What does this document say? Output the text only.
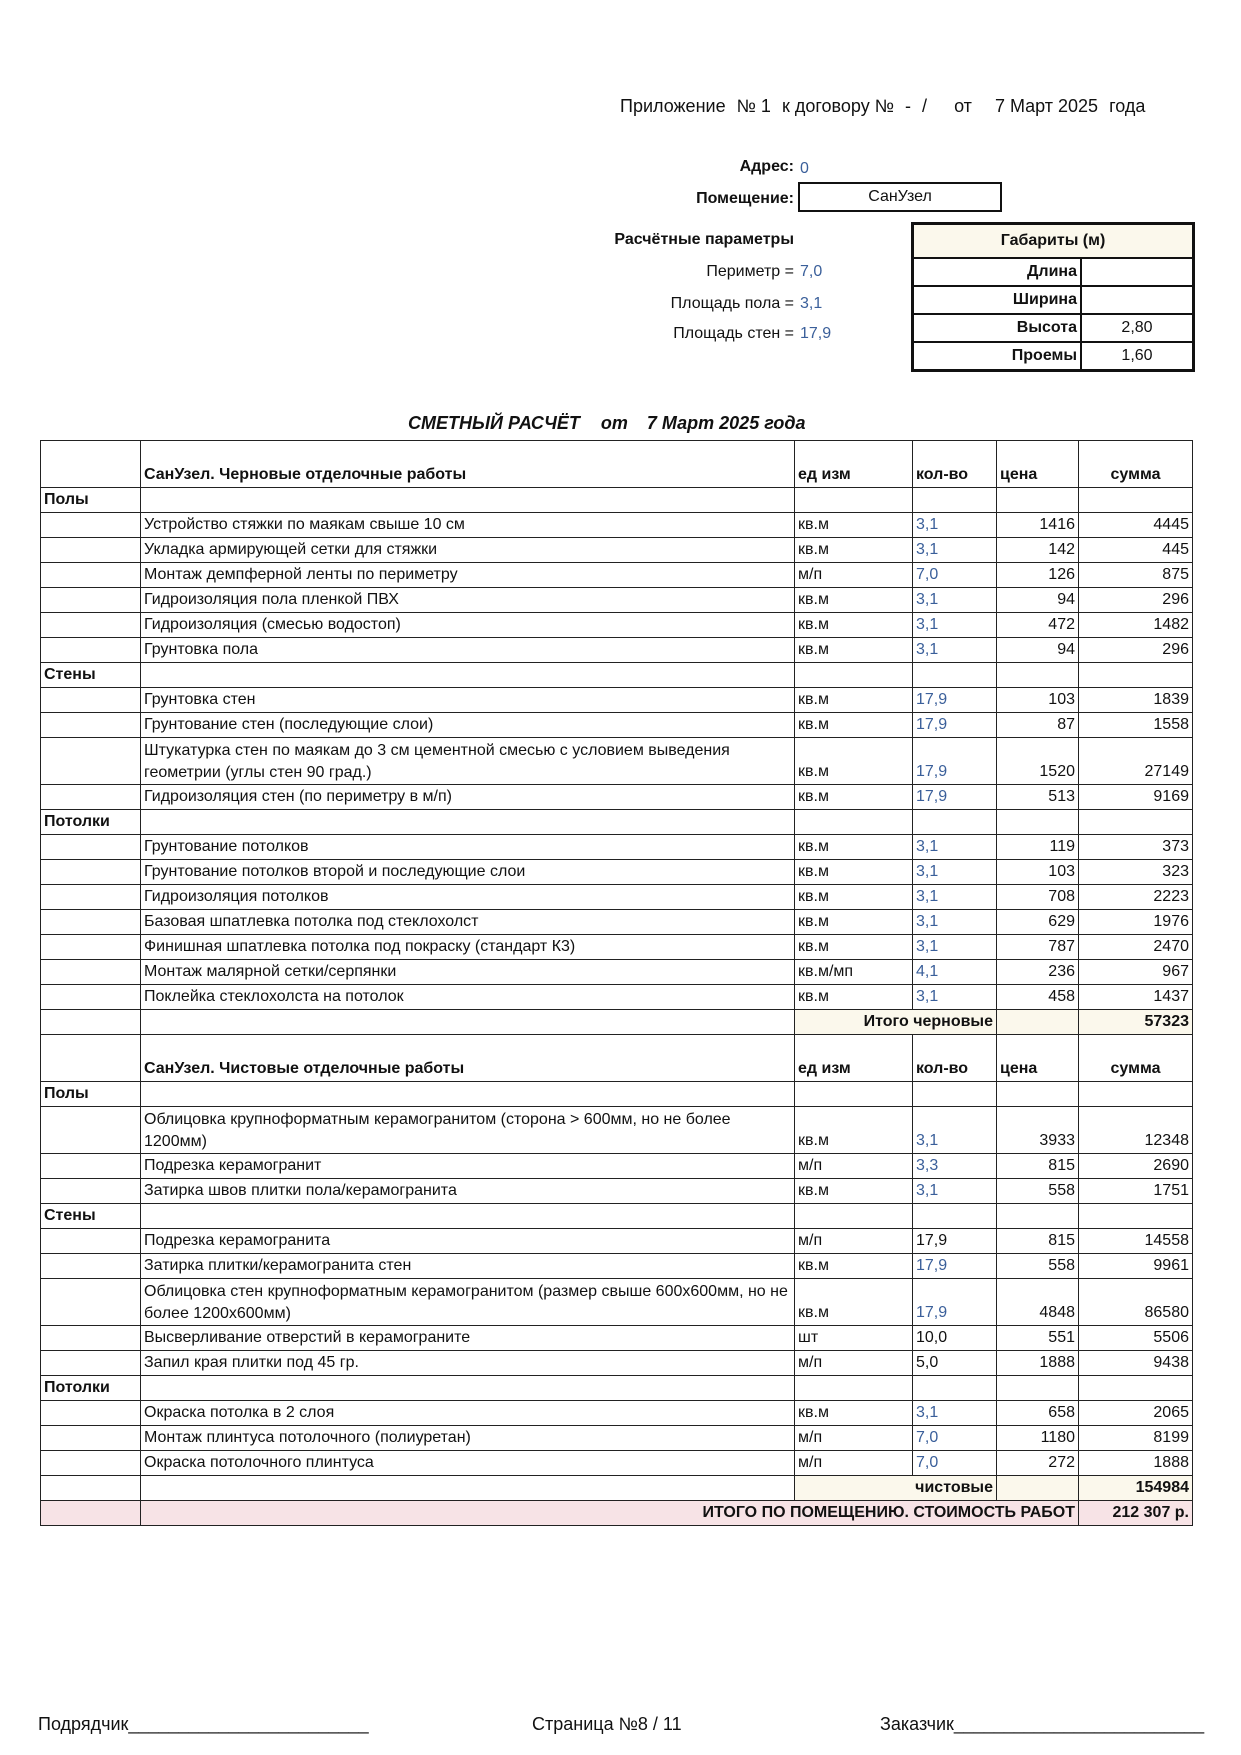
Приложение № 1 к договору № - / от 7 Март 2025 года
Адрес: 0
Помещение:	СанУзел
Расчётные параметры
Периметр = 7,0
Площадь пола = 3,1
Площадь стен = 17,9
Габариты (м)	
Длина	
Ширина	
Высота	2,80
Проемы	1,60
СМЕТНЫЙ РАСЧЁТ от 7 Март 2025 года
	СанУзел. Черновые отделочные работы	ед изм	кол-во	цена	сумма
Полы					
	Устройство стяжки по маякам свыше 10 см	кв.м	3,1	1416	4445
	Укладка армирующей сетки для стяжки	кв.м	3,1	142	445
	Монтаж демпферной ленты по периметру	м/п	7,0	126	875
	Гидроизоляция пола пленкой ПВХ	кв.м	3,1	94	296
	Гидроизоляция (смесью водостоп)	кв.м	3,1	472	1482
	Грунтовка пола	кв.м	3,1	94	296
Стены					
	Грунтовка стен	кв.м	17,9	103	1839
	Грунтование стен (последующие слои)	кв.м	17,9	87	1558
	Штукатурка стен по маякам до 3 см цементной смесью с условием выведения геометрии (углы стен 90 град.)	кв.м	17,9	1520	27149
	Гидроизоляция стен (по периметру в м/п)	кв.м	17,9	513	9169
Потолки					
	Грунтование потолков	кв.м	3,1	119	373
	Грунтование потолков второй и последующие слои	кв.м	3,1	103	323
	Гидроизоляция потолков	кв.м	3,1	708	2223
	Базовая шпатлевка потолка под стеклохолст	кв.м	3,1	629	1976
	Финишная шпатлевка потолка под покраску (стандарт К3)	кв.м	3,1	787	2470
	Монтаж малярной сетки/серпянки	кв.м/мп	4,1	236	967
	Поклейка стеклохолста на потолок	кв.м	3,1	458	1437
		Итого черновые			57323
	СанУзел. Чистовые отделочные работы	ед изм	кол-во	цена	сумма
Полы					
	Облицовка крупноформатным керамогранитом (сторона > 600мм, но не более 1200мм)	кв.м	3,1	3933	12348
	Подрезка керамогранит	м/п	3,3	815	2690
	Затирка швов плитки пола/керамогранита	кв.м	3,1	558	1751
Стены					
	Подрезка керамогранита	м/п	17,9	815	14558
	Затирка плитки/керамогранита стен	кв.м	17,9	558	9961
	Облицовка стен крупноформатным керамогранитом (размер свыше 600х600мм, но не более 1200х600мм)	кв.м	17,9	4848	86580
	Высверливание отверстий в керамограните	шт	10,0	551	5506
	Запил края плитки под 45 гр.	м/п	5,0	1888	9438
Потолки					
	Окраска потолка в 2 слоя	кв.м	3,1	658	2065
	Монтаж плинтуса потолочного (полиуретан)	м/п	7,0	1180	8199
	Окраска потолочного плинтуса	м/п	7,0	272	1888
		чистовые			154984
	ИТОГО ПО ПОМЕЩЕНИЮ. СТОИМОСТЬ РАБОТ				212 307 р.
Подрядчик________________________	Страница №8 / 11	Заказчик_________________________
